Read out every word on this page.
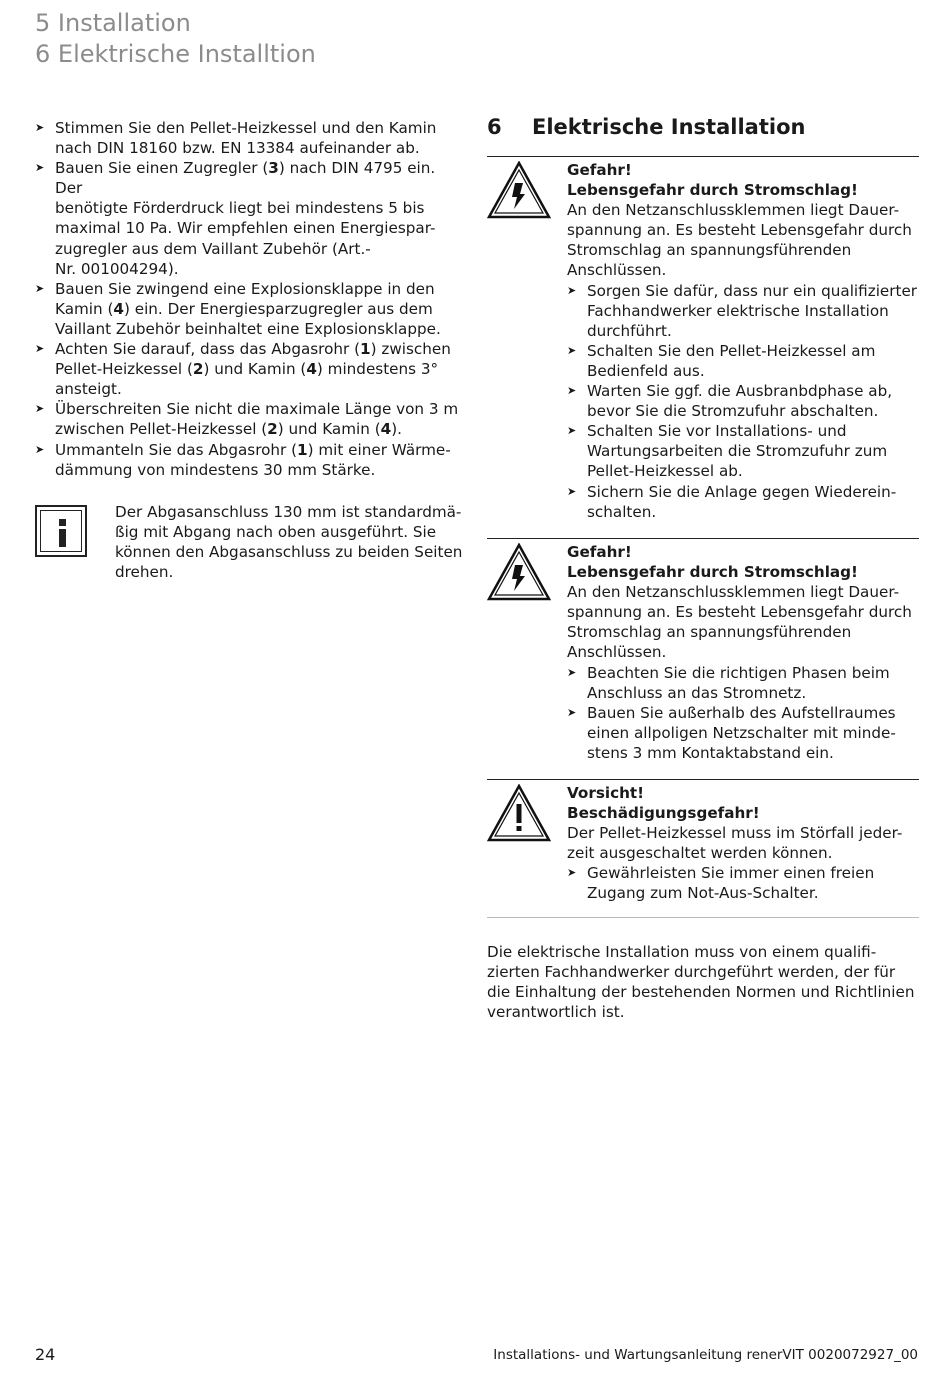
5 Installation
6 Elektrische Installtion
➤
Stimmen Sie den Pellet-Heizkessel und den Kamin
nach DIN 18160 bzw. EN 13384 aufeinander ab.
➤
Bauen Sie einen Zugregler (3) nach DIN 4795 ein. Der
benötigte Förderdruck liegt bei mindestens 5 bis
maximal 10 Pa. Wir empfehlen einen Energiespar-
zugregler aus dem Vaillant Zubehör (Art.-
Nr. 001004294).
➤
Bauen Sie zwingend eine Explosionsklappe in den
Kamin (4) ein. Der Energiesparzugregler aus dem
Vaillant Zubehör beinhaltet eine Explosionsklappe.
➤
Achten Sie darauf, dass das Abgasrohr (1) zwischen
Pellet-Heizkessel (2) und Kamin (4) mindestens 3°
ansteigt.
➤
Überschreiten Sie nicht die maximale Länge von 3 m
zwischen Pellet-Heizkessel (2) und Kamin (4).
➤
Ummanteln Sie das Abgasrohr (1) mit einer Wärme-
dämmung von mindestens 30 mm Stärke.
Der Abgasanschluss 130 mm ist standardmä-
ßig mit Abgang nach oben ausgeführt. Sie
können den Abgasanschluss zu beiden Seiten
drehen.
6 Elektrische Installation
Gefahr!
Lebensgefahr durch Stromschlag!
An den Netzanschlussklemmen liegt Dauer-
spannung an. Es besteht Lebensgefahr durch
Stromschlag an spannungsführenden
Anschlüssen.
➤
Sorgen Sie dafür, dass nur ein qualifizierter
Fachhandwerker elektrische Installation
durchführt.
➤
Schalten Sie den Pellet-Heizkessel am
Bedienfeld aus.
➤
Warten Sie ggf. die Ausbranbdphase ab,
bevor Sie die Stromzufuhr abschalten.
➤
Schalten Sie vor Installations- und
Wartungsarbeiten die Stromzufuhr zum
Pellet-Heizkessel ab.
➤
Sichern Sie die Anlage gegen Wiederein-
schalten.
Gefahr!
Lebensgefahr durch Stromschlag!
An den Netzanschlussklemmen liegt Dauer-
spannung an. Es besteht Lebensgefahr durch
Stromschlag an spannungsführenden
Anschlüssen.
➤
Beachten Sie die richtigen Phasen beim
Anschluss an das Stromnetz.
➤
Bauen Sie außerhalb des Aufstellraumes
einen allpoligen Netzschalter mit minde-
stens 3 mm Kontaktabstand ein.
Vorsicht!
Beschädigungsgefahr!
Der Pellet-Heizkessel muss im Störfall jeder-
zeit ausgeschaltet werden können.
➤
Gewährleisten Sie immer einen freien
Zugang zum Not-Aus-Schalter.
Die elektrische Installation muss von einem qualifi-
zierten Fachhandwerker durchgeführt werden, der für
die Einhaltung der bestehenden Normen und Richtlinien
verantwortlich ist.
24	Installations- und Wartungsanleitung renerVIT 0020072927_00
